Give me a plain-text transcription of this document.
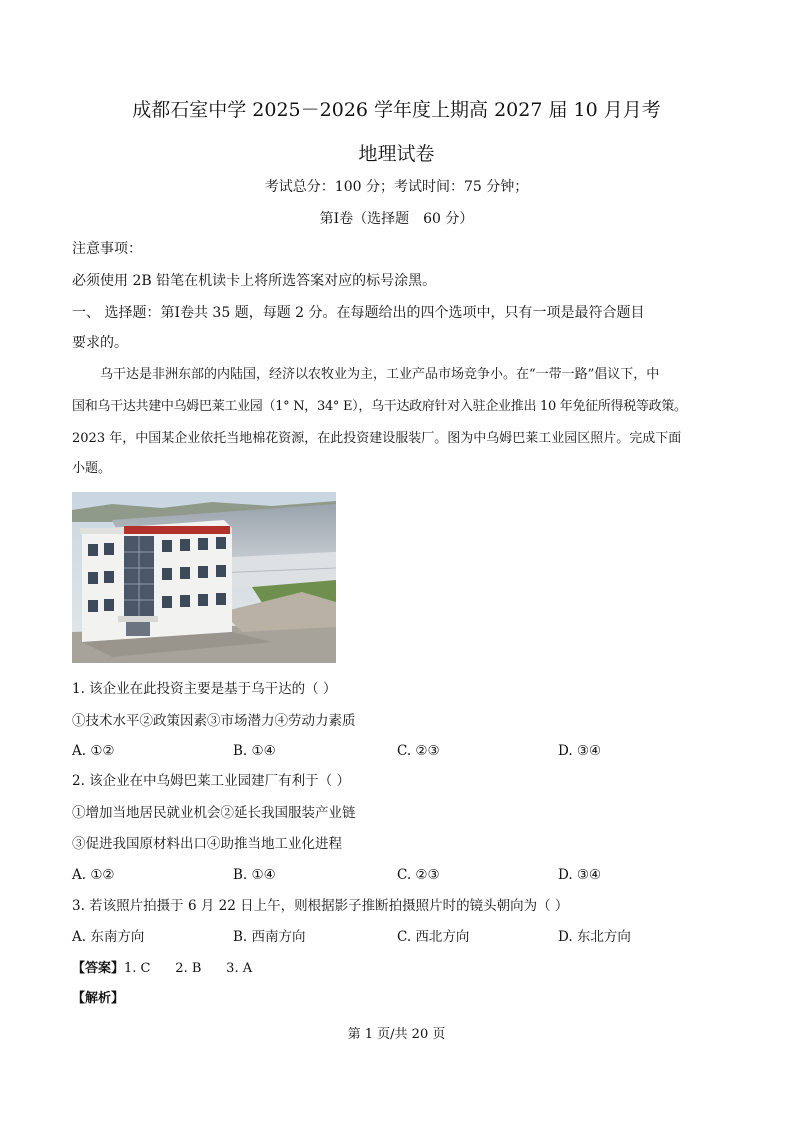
成都石室中学 2025－2026 学年度上期高 2027 届 10 月月考
地理试卷
考试总分：100 分；考试时间：75 分钟；
第Ⅰ卷（选择题　60 分）
注意事项：
必须使用 2B 铅笔在机读卡上将所选答案对应的标号涂黑。
一、 选择题：第Ⅰ卷共 35 题，每题 2 分。在每题给出的四个选项中，只有一项是最符合题目
要求的。
乌干达是非洲东部的内陆国，经济以农牧业为主，工业产品市场竞争小。在“一带一路”倡议下，中
国和乌干达共建中乌姆巴莱工业园（1° N，34° E），乌干达政府针对入驻企业推出 10 年免征所得税等政策。
2023 年，中国某企业依托当地棉花资源，在此投资建设服装厂。图为中乌姆巴莱工业园区照片。完成下面
小题。
1. 该企业在此投资主要是基于乌干达的（ ）
①技术水平②政策因素③市场潜力④劳动力素质
A. ①②	B. ①④	C. ②③	D. ③④
2. 该企业在中乌姆巴莱工业园建厂有利于（ ）
①增加当地居民就业机会②延长我国服装产业链
③促进我国原材料出口④助推当地工业化进程
A. ①②	B. ①④	C. ②③	D. ③④
3. 若该照片拍摄于 6 月 22 日上午，则根据影子推断拍摄照片时的镜头朝向为（ ）
A. 东南方向	B. 西南方向	C. 西北方向	D. 东北方向
【答案】1. C      2. B      3. A
【解析】
第 1 页/共 20 页
